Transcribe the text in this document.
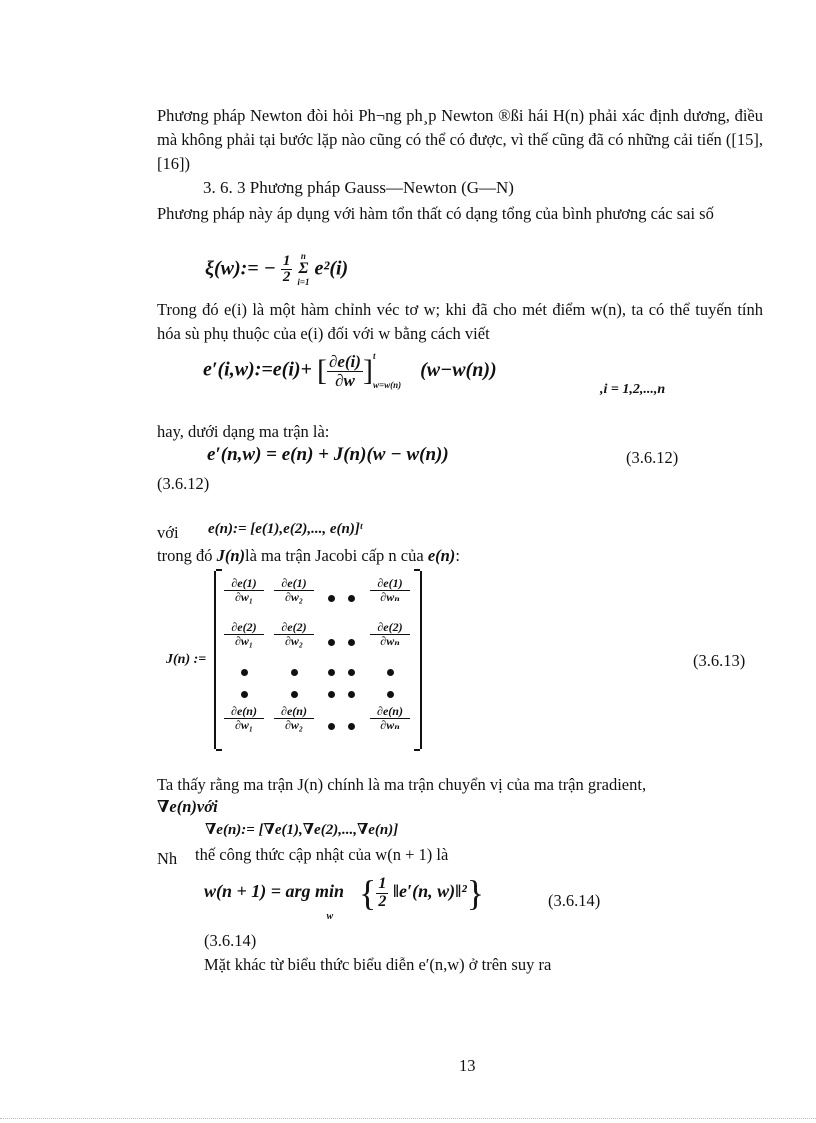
Phương pháp Newton đòi hỏi Ph¬ng ph¸p Newton ®ßi hái H(n) phải xác định dương, điều mà không phải tại bước lặp nào cũng có thể có được, vì thế cũng đã có những cải tiến ([15],[16])
3. 6. 3 Phương pháp Gauss—Newton (G—N)
Phương pháp này áp dụng với hàm tổn thất có dạng tổng của bình phương các sai số
ξ(w):= − $\frac{1}{2}$
n
Σ
i=1
e²(i)
Trong đó e(i) là một hàm chỉnh véc tơ w; khi đã cho mét điểm w(n), ta có thể tuyến tính hóa sù phụ thuộc của e(i) đối với w bằng cách viết
e′(i,w):=e(i)+ [ $\frac{\partial e(i)}{\partial w}$ ] t
w=w(n)
(w−w(n))
,i = 1,2,...,n
hay, dưới dạng ma trận là:
e′(n,w) = e(n) + J(n)(w − w(n))	(3.6.12)
(3.6.12)
với e(n):= [e(1),e(2),..., e(n)]ᵗ
trong đó J(n)là ma trận Jacobi cấp n của e(n):
J(n) :=
∂e(1)
∂w₁
∂e(1)
∂w₂
∂e(1)
∂wₙ
∂e(2)
∂w₁
∂e(2)
∂w₂
∂e(2)
∂wₙ
∂e(n)
∂w₁
∂e(n)
∂w₂
∂e(n)
∂wₙ
(3.6.13)
Ta thấy rằng ma trận J(n) chính là ma trận chuyển vị của ma trận gradient,
∇e(n)với
∇e(n):= [∇e(1),∇e(2),...,∇e(n)]
Nh thế công thức cập nhật của w(n + 1) là
w(n + 1) = arg min
w
{ $\frac{1}{2}$ ‖e′(n, w)‖²}	(3.6.14)
(3.6.14)
Mặt khác từ biểu thức biểu diễn e′(n,w) ở trên suy ra
13
